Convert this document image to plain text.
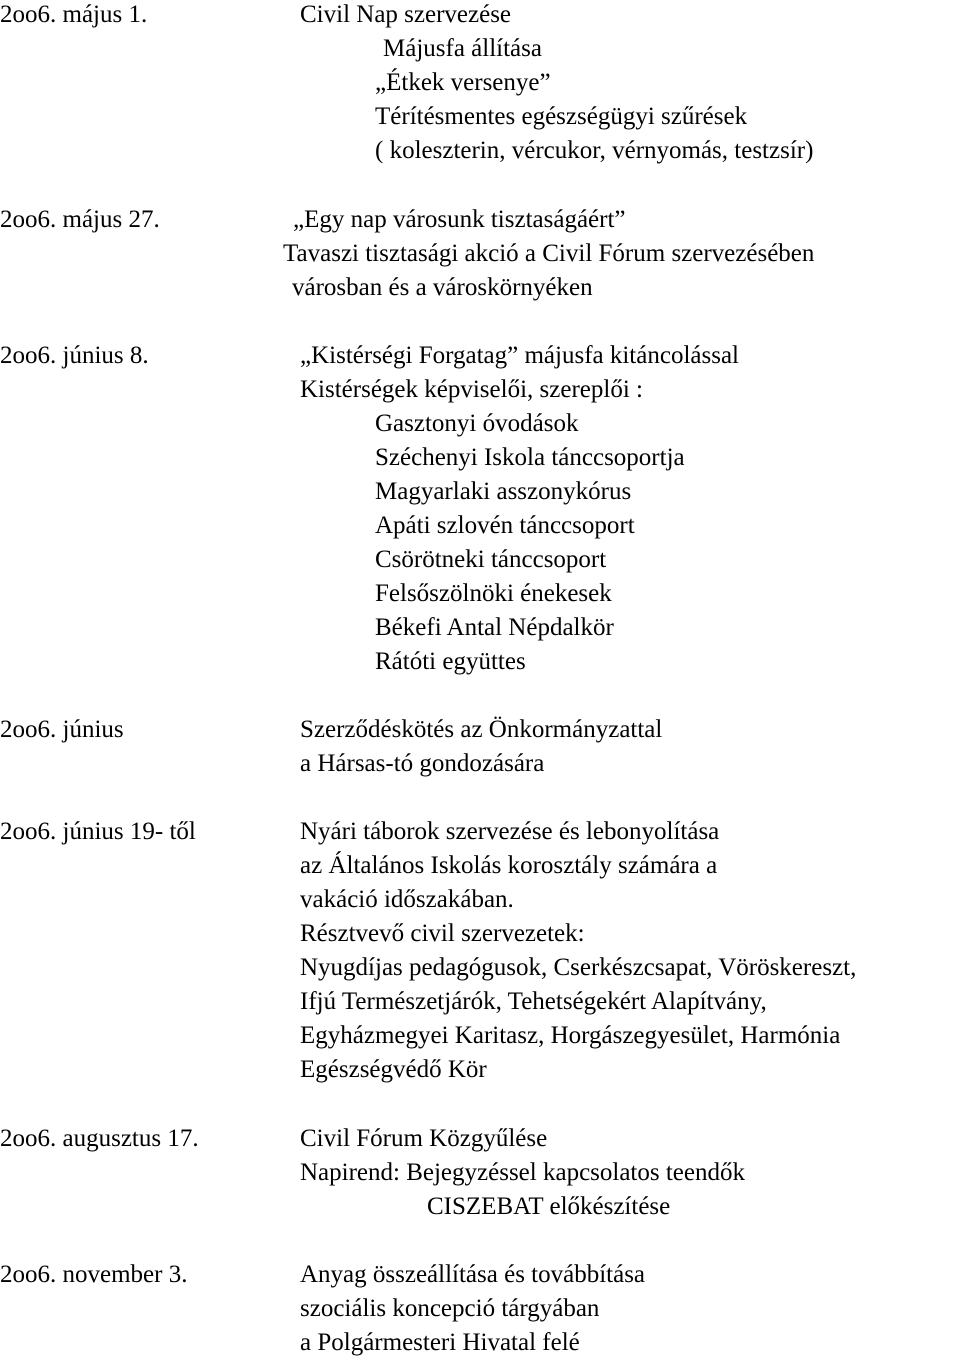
2oo6. május 1.	Civil Nap szervezése
Májusfa állítása
„Étkek versenye”
Térítésmentes egészségügyi szűrések
( koleszterin, vércukor, vérnyomás, testzsír)
2oo6. május 27.	„Egy nap városunk tisztaságáért”
Tavaszi tisztasági akció a Civil Fórum szervezésében
városban és a városkörnyéken
2oo6. június 8.	„Kistérségi Forgatag” májusfa kitáncolással
Kistérségek képviselői, szereplői :
Gasztonyi óvodások
Széchenyi Iskola tánccsoportja
Magyarlaki asszonykórus
Apáti szlovén tánccsoport
Csörötneki tánccsoport
Felsőszölnöki énekesek
Békefi Antal Népdalkör
Rátóti együttes
2oo6. június	Szerződéskötés az Önkormányzattal
a Hársas-tó gondozására
2oo6. június 19- től	Nyári táborok szervezése és lebonyolítása
az Általános Iskolás korosztály számára a
vakáció időszakában.
Résztvevő civil szervezetek:
Nyugdíjas pedagógusok, Cserkészcsapat, Vöröskereszt,
Ifjú Természetjárók, Tehetségekért Alapítvány,
Egyházmegyei Karitasz, Horgászegyesület, Harmónia
Egészségvédő Kör
2oo6. augusztus 17.	Civil Fórum Közgyűlése
Napirend: Bejegyzéssel kapcsolatos teendők
CISZEBAT előkészítése
2oo6. november 3.	Anyag összeállítása és továbbítása
szociális koncepció tárgyában
a Polgármesteri Hivatal felé
